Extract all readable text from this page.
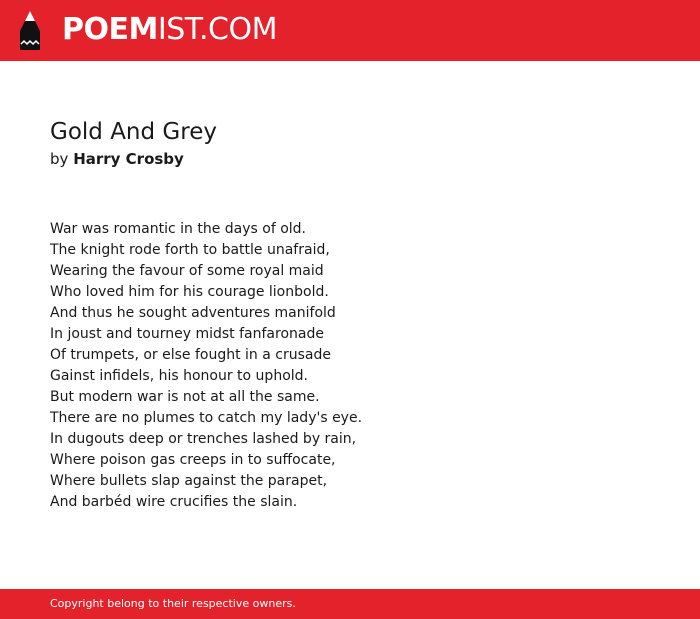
POEMIST.COM
Gold And Grey
by Harry Crosby
War was romantic in the days of old.
The knight rode forth to battle unafraid,
Wearing the favour of some royal maid
Who loved him for his courage lionbold.
And thus he sought adventures manifold
In joust and tourney midst fanfaronade
Of trumpets, or else fought in a crusade
Gainst infidels, his honour to uphold.
But modern war is not at all the same.
There are no plumes to catch my lady's eye.
In dugouts deep or trenches lashed by rain,
Where poison gas creeps in to suffocate,
Where bullets slap against the parapet,
And barbéd wire crucifies the slain.
Copyright belong to their respective owners.
